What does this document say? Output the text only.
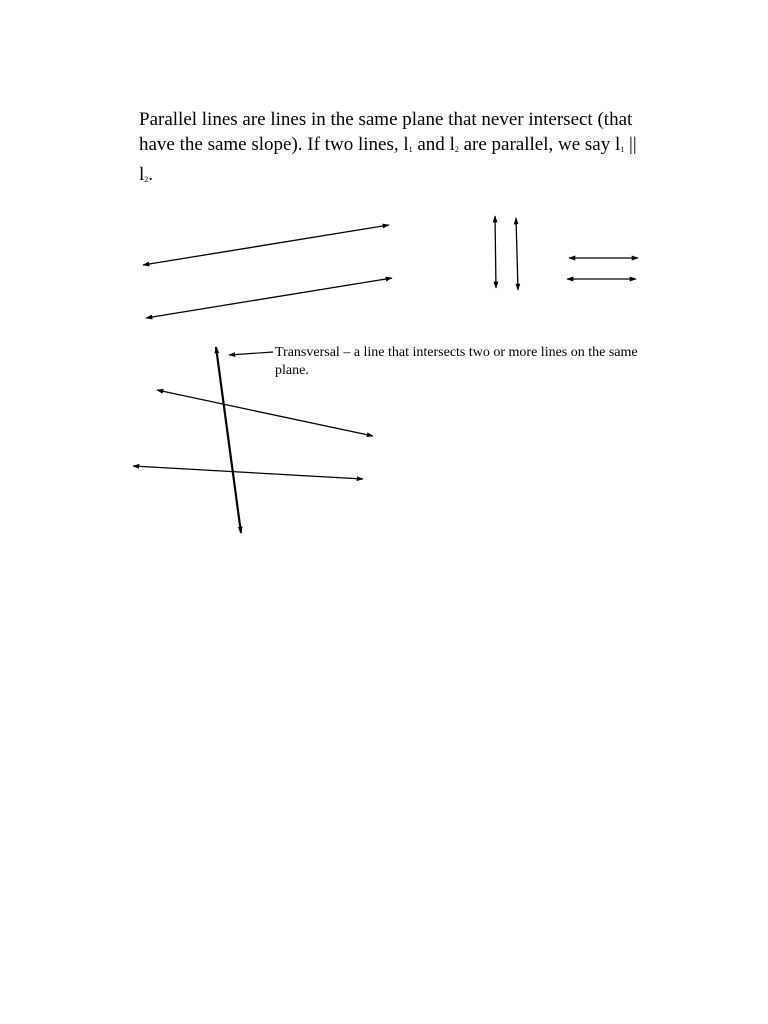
Parallel lines are lines in the same plane that never intersect (that have the same slope). If two lines, $l_1$ and $l_2$ are parallel, we say $l_1$ || $l_2$.

Transversal – a line that intersects two or more lines on the same plane.
